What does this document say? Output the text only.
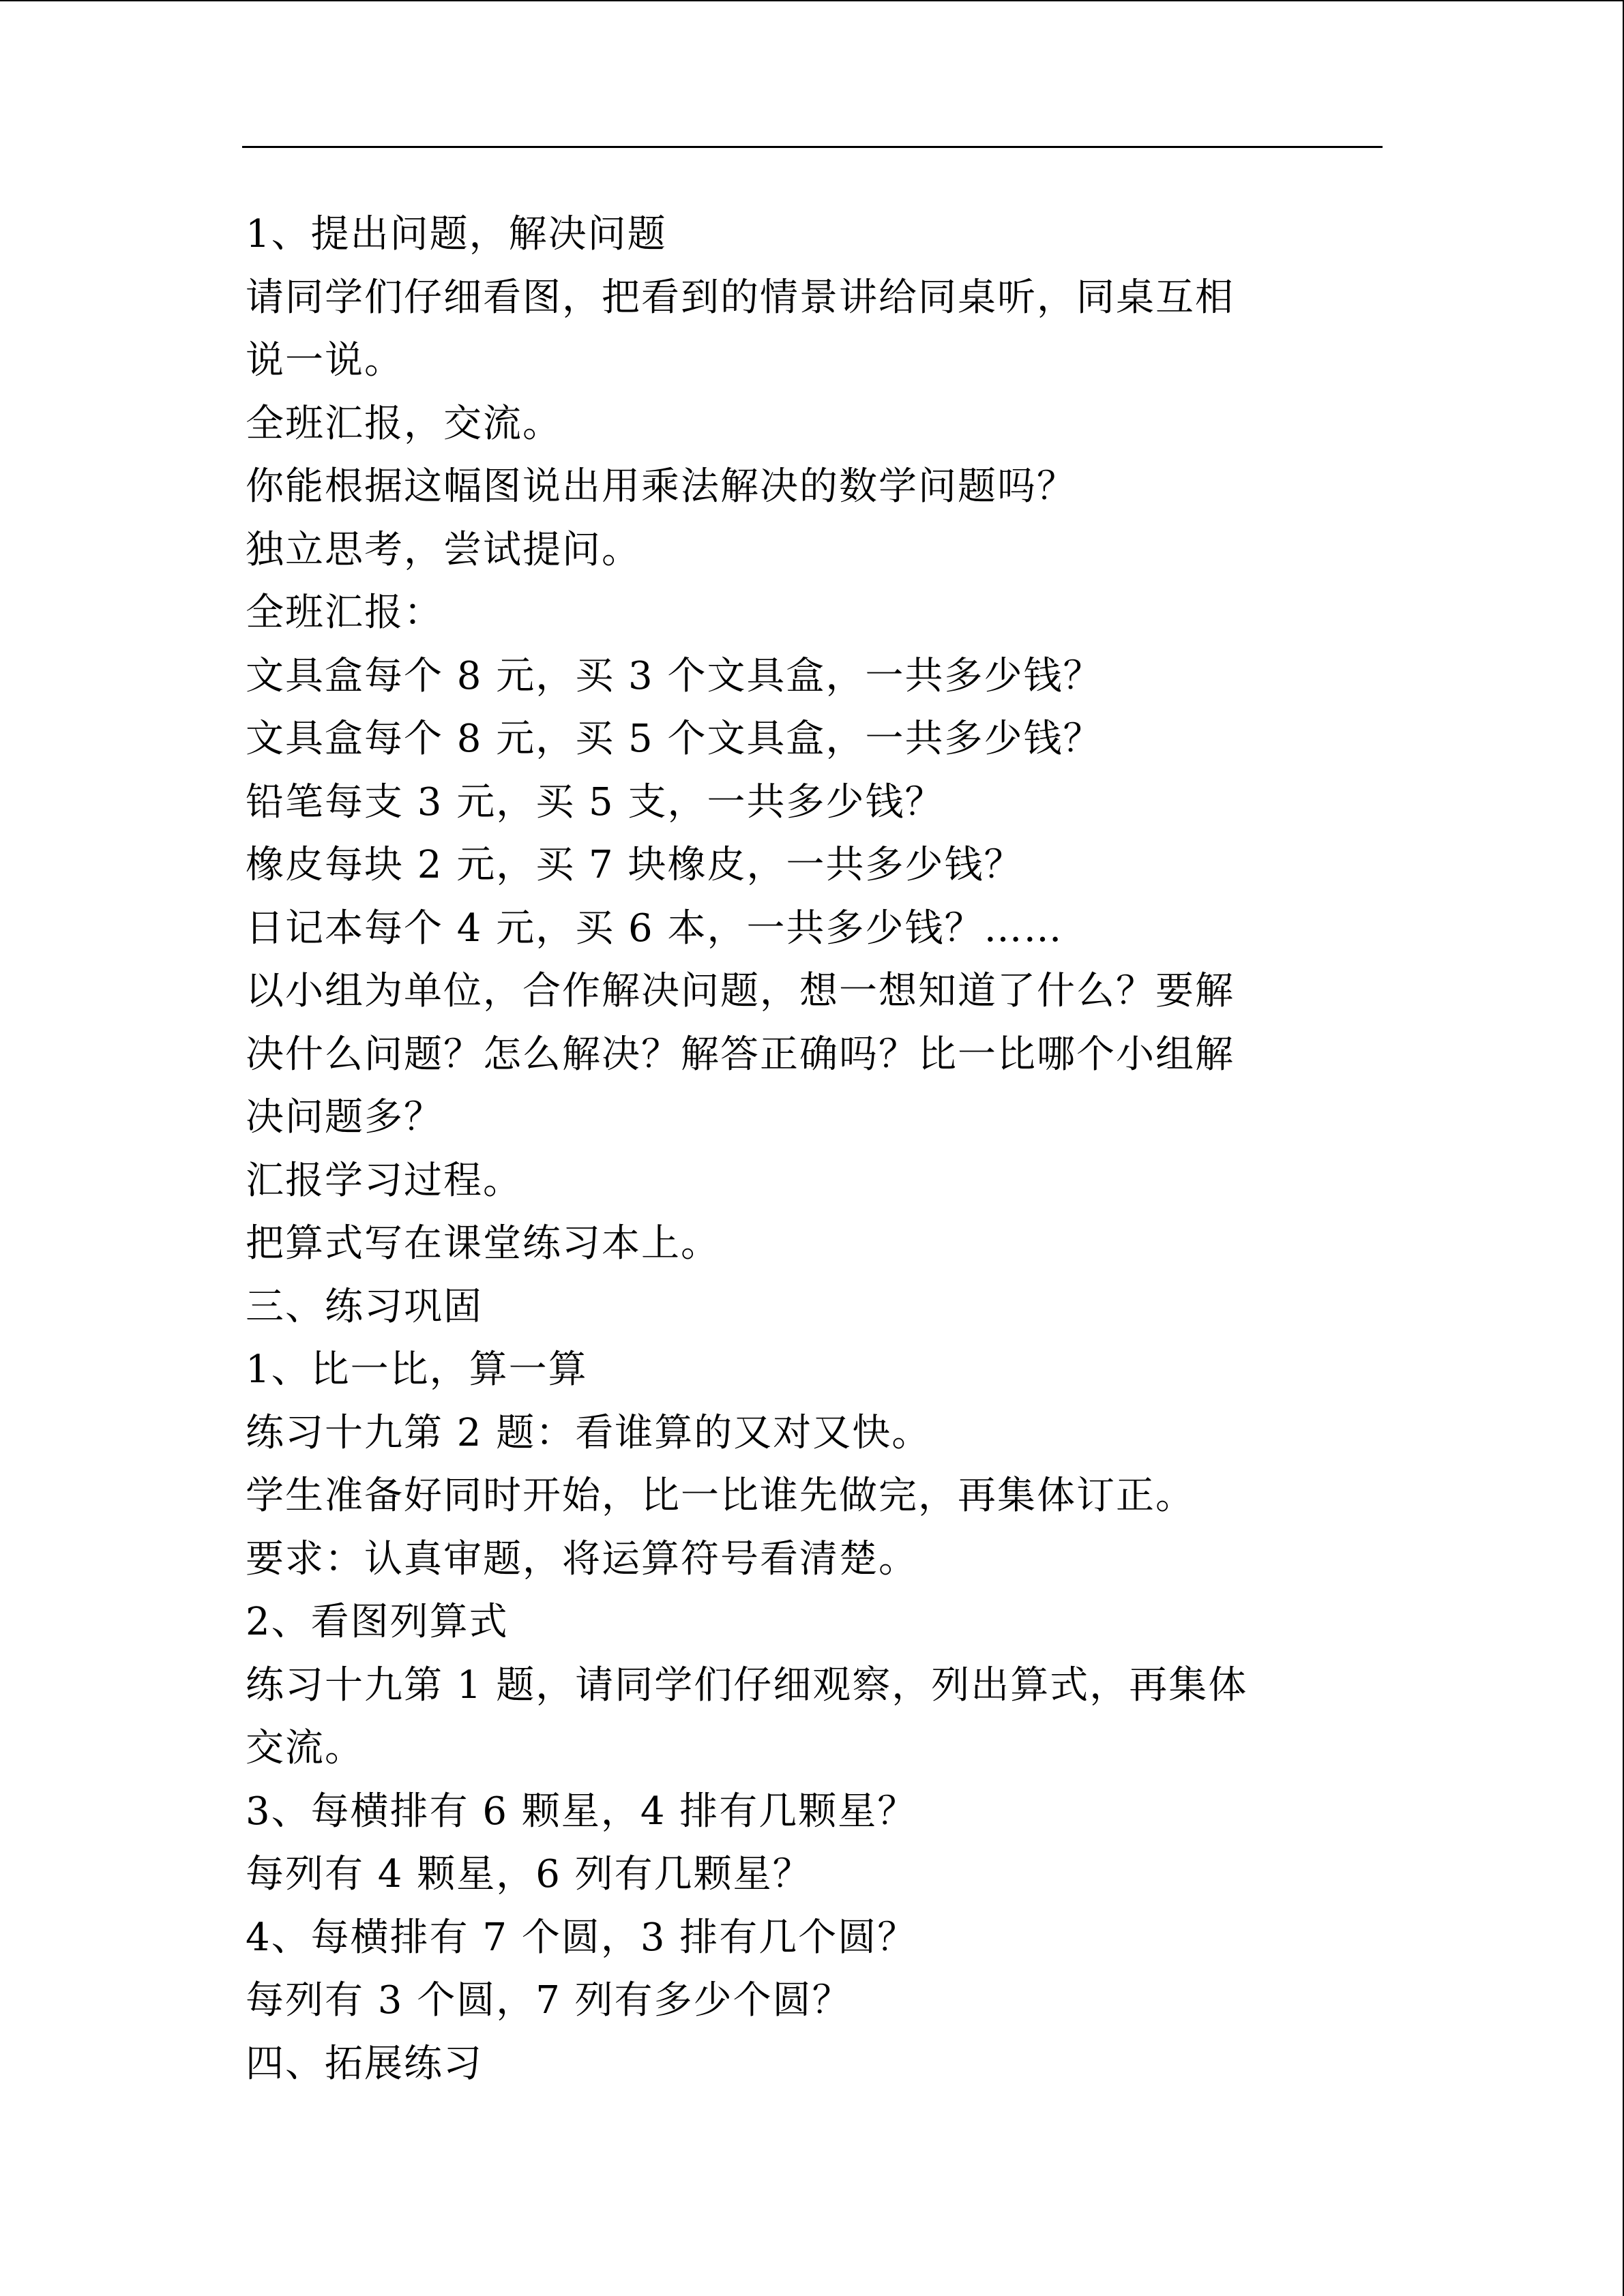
1、提出问题，解决问题
请同学们仔细看图，把看到的情景讲给同桌听，同桌互相
说一说。
全班汇报，交流。
你能根据这幅图说出用乘法解决的数学问题吗？
独立思考，尝试提问。
全班汇报：
文具盒每个 8 元，买 3 个文具盒，一共多少钱？
文具盒每个 8 元，买 5 个文具盒，一共多少钱？
铅笔每支 3 元，买 5 支，一共多少钱？
橡皮每块 2 元，买 7 块橡皮，一共多少钱？
日记本每个 4 元，买 6 本，一共多少钱？……
以小组为单位，合作解决问题，想一想知道了什么？要解
决什么问题？怎么解决？解答正确吗？比一比哪个小组解
决问题多？
汇报学习过程。
把算式写在课堂练习本上。
三、练习巩固
1、比一比，算一算
练习十九第 2 题：看谁算的又对又快。
学生准备好同时开始，比一比谁先做完，再集体订正。
要求：认真审题，将运算符号看清楚。
2、看图列算式
练习十九第 1 题，请同学们仔细观察，列出算式，再集体
交流。
3、每横排有 6 颗星，4 排有几颗星？
每列有 4 颗星，6 列有几颗星？
4、每横排有 7 个圆，3 排有几个圆？
每列有 3 个圆，7 列有多少个圆？
四、拓展练习
